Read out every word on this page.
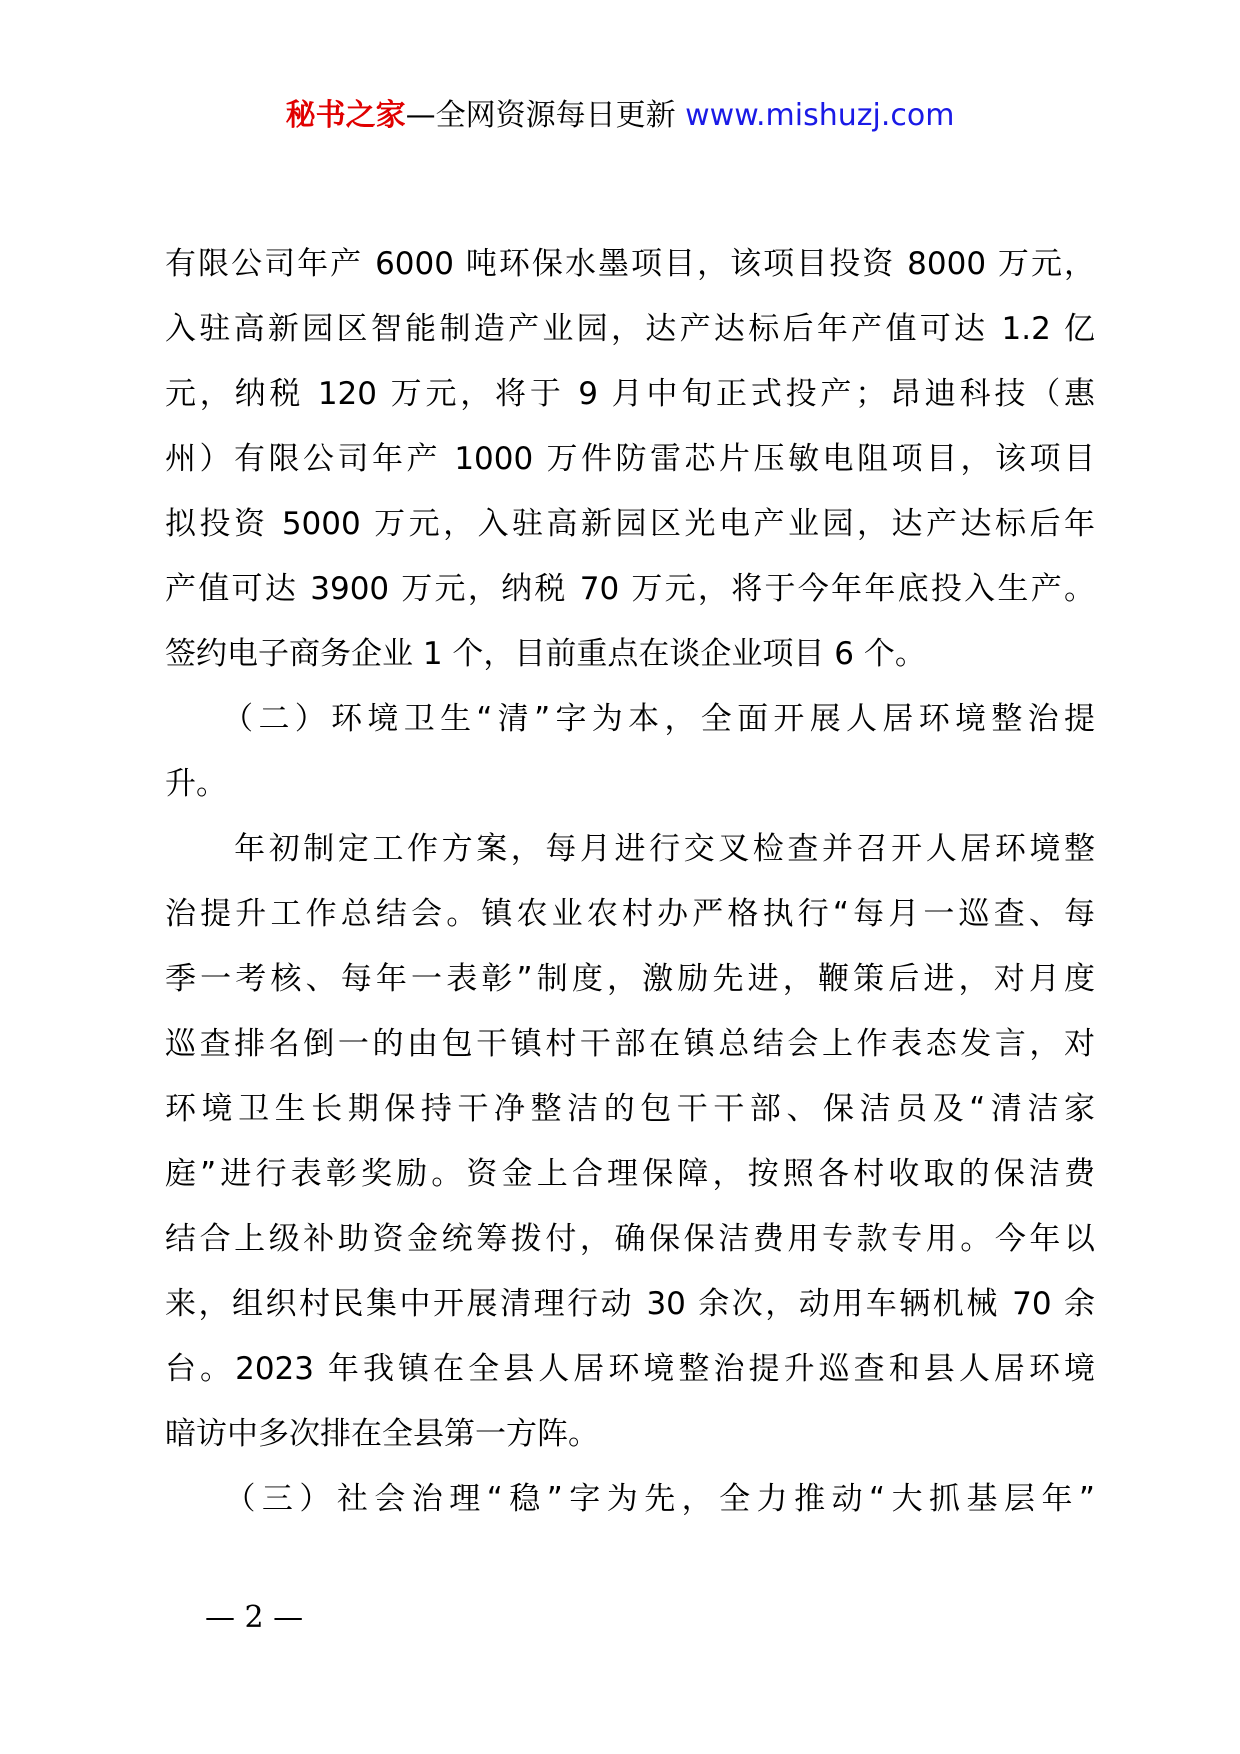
秘书之家—全网资源每日更新 www.mishuzj.com
有限公司年产 6000 吨环保水墨项目，该项目投资 8000 万元，
入驻高新园区智能制造产业园，达产达标后年产值可达 1.2 亿
元，纳税 120 万元，将于 9 月中旬正式投产；昂迪科技（惠
州）有限公司年产 1000 万件防雷芯片压敏电阻项目，该项目
拟投资 5000 万元，入驻高新园区光电产业园，达产达标后年
产值可达 3900 万元，纳税 70 万元，将于今年年底投入生产。
签约电子商务企业 1 个，目前重点在谈企业项目 6 个。
　　（二）环境卫生“清”字为本，全面开展人居环境整治提
升。
　　年初制定工作方案，每月进行交叉检查并召开人居环境整
治提升工作总结会。镇农业农村办严格执行“每月一巡查、每
季一考核、每年一表彰”制度，激励先进，鞭策后进，对月度
巡查排名倒一的由包干镇村干部在镇总结会上作表态发言，对
环境卫生长期保持干净整洁的包干干部、保洁员及“清洁家
庭”进行表彰奖励。资金上合理保障，按照各村收取的保洁费
结合上级补助资金统筹拨付，确保保洁费用专款专用。今年以
来，组织村民集中开展清理行动 30 余次，动用车辆机械 70 余
台。2023 年我镇在全县人居环境整治提升巡查和县人居环境
暗访中多次排在全县第一方阵。
　　（三）社会治理“稳”字为先，全力推动“大抓基层年”
— 2 —
